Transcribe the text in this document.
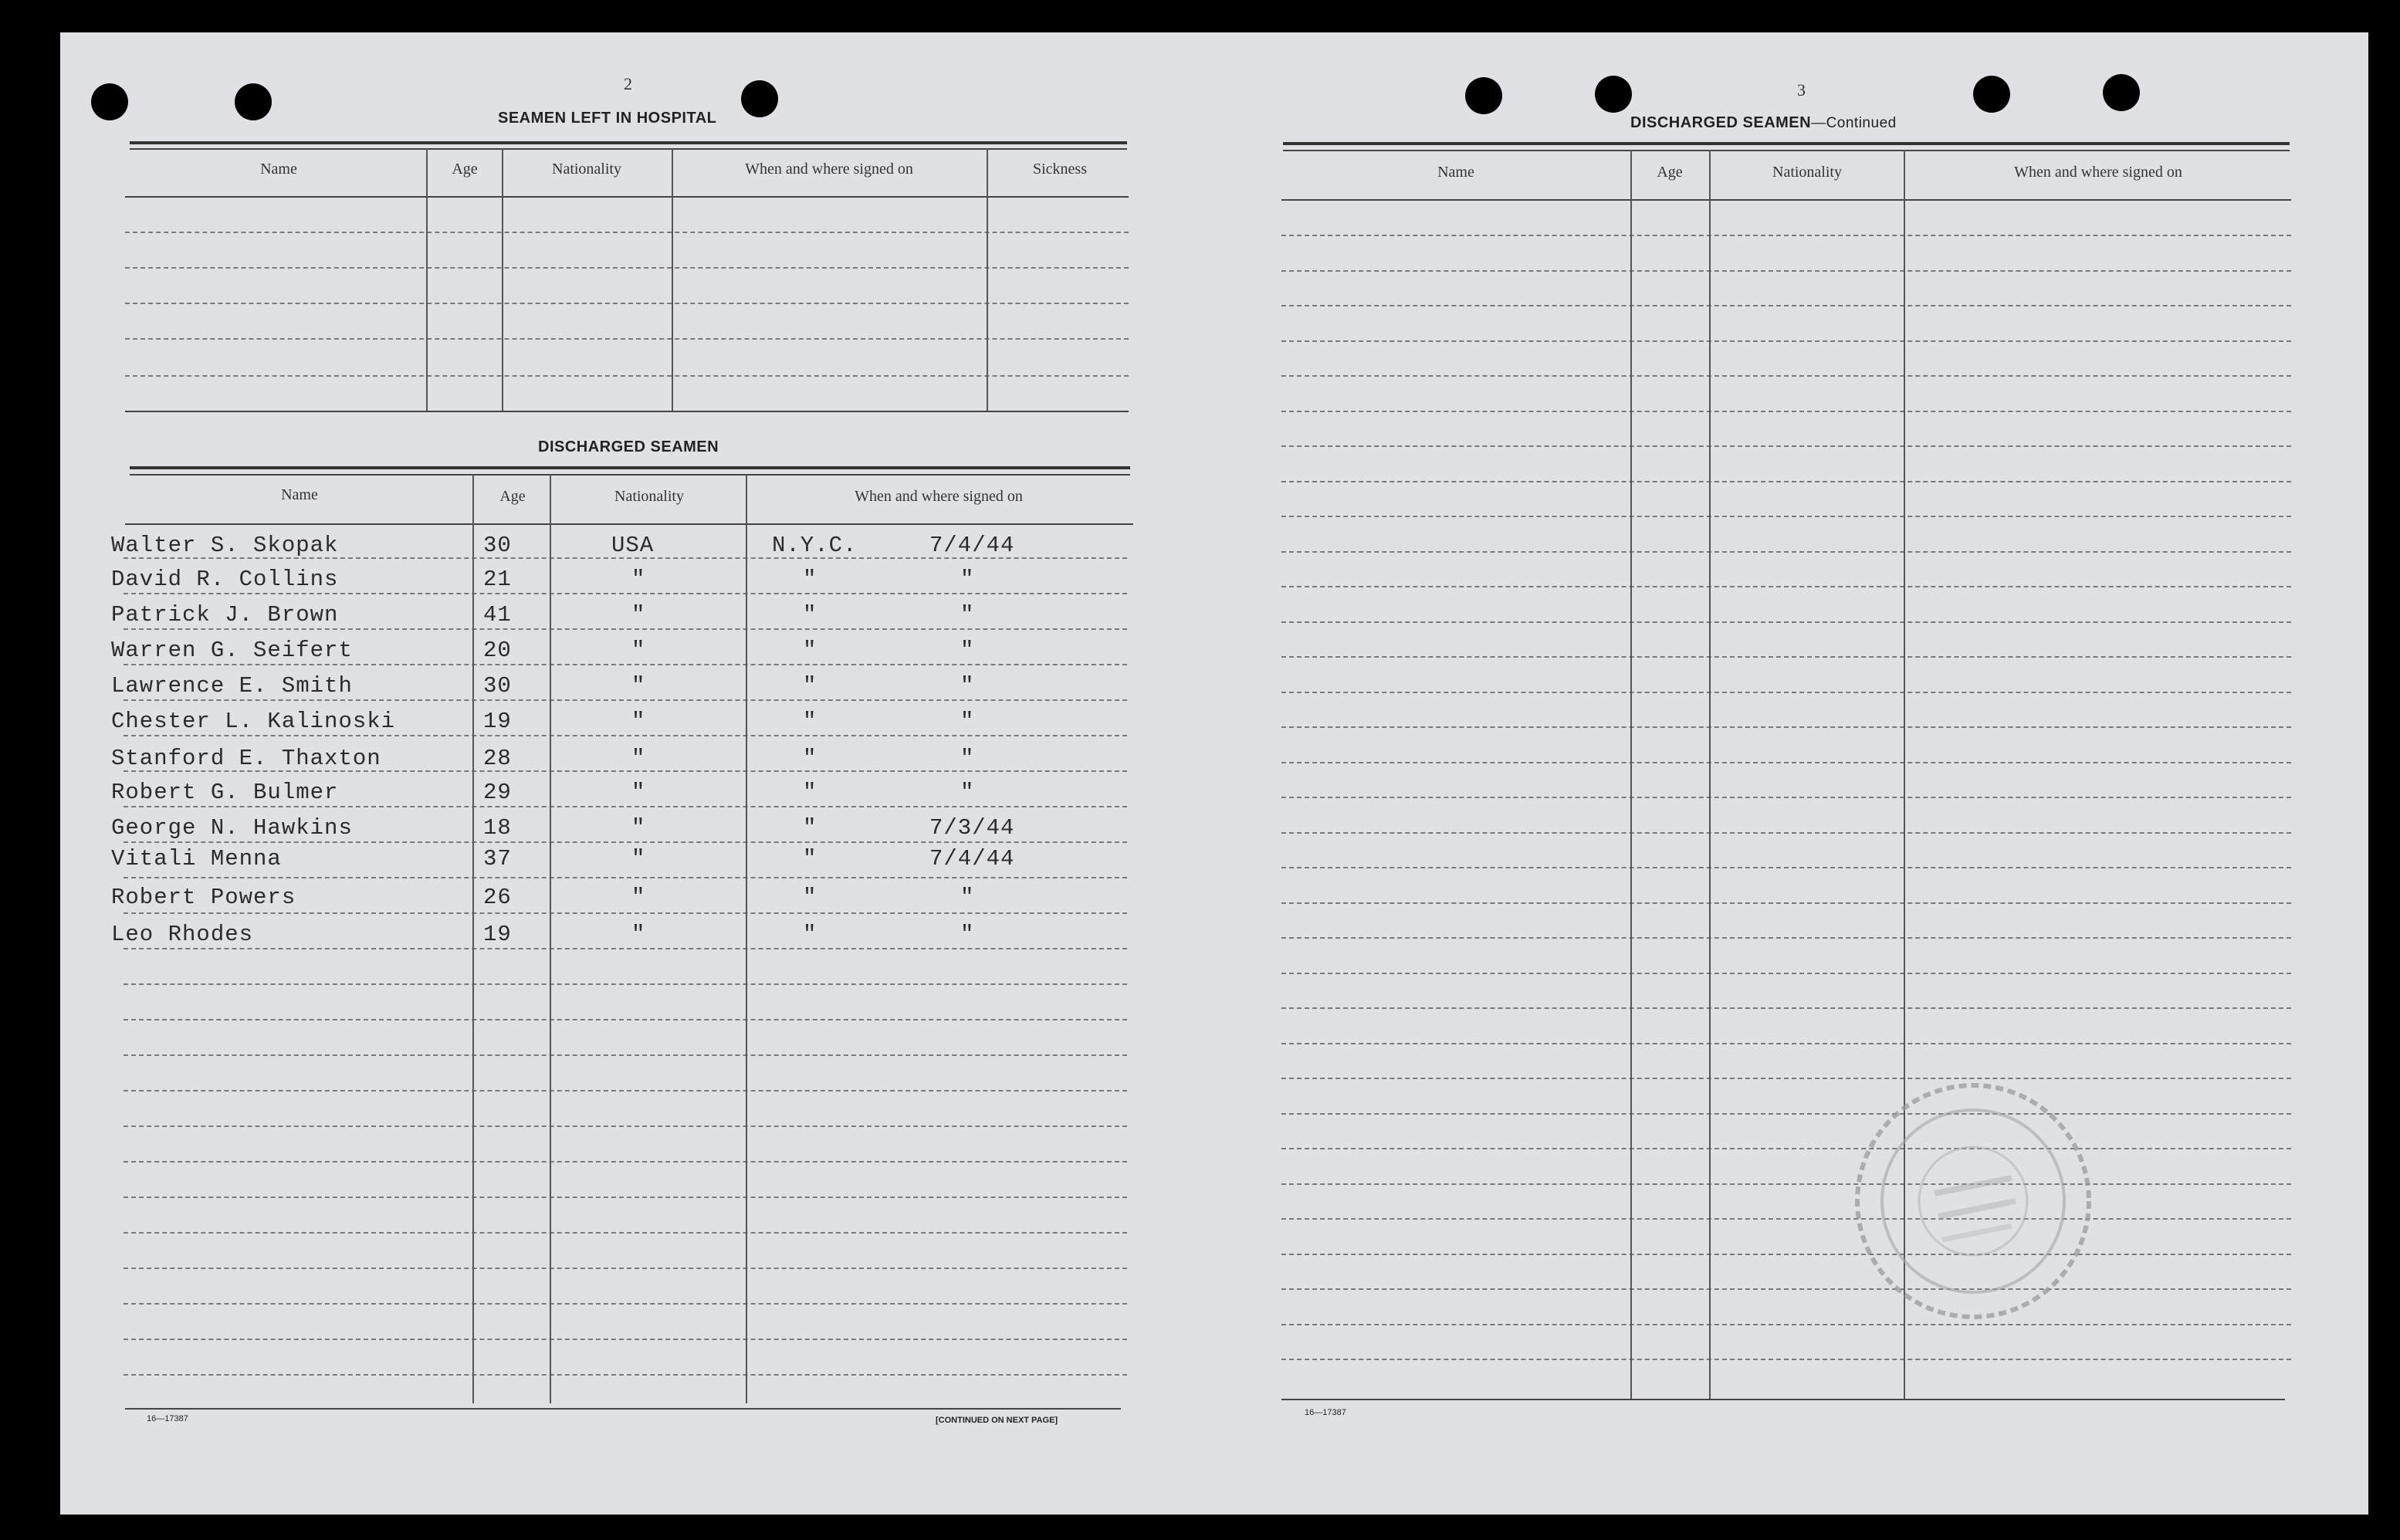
2
SEAMEN LEFT IN HOSPITAL
Name	Age	Nationality	When and where signed on	Sickness
DISCHARGED SEAMEN
Name	Age	Nationality	When and where signed on
Walter S. Skopak	30	USA	N.Y.C.	7/4/44
David R. Collins	21	"	"	"
Patrick J. Brown	41	"	"	"
Warren G. Seifert	20	"	"	"
Lawrence E. Smith	30	"	"	"
Chester L. Kalinoski	19	"	"	"
Stanford E. Thaxton	28	"	"	"
Robert G. Bulmer	29	"	"	"
George N. Hawkins	18	"	"	7/3/44
Vitali Menna	37	"	"	7/4/44
Robert Powers	26	"	"	"
Leo Rhodes	19	"	"	"
16—17387	[CONTINUED ON NEXT PAGE]
3
DISCHARGED SEAMEN—Continued
Name	Age	Nationality	When and where signed on
16—17387
